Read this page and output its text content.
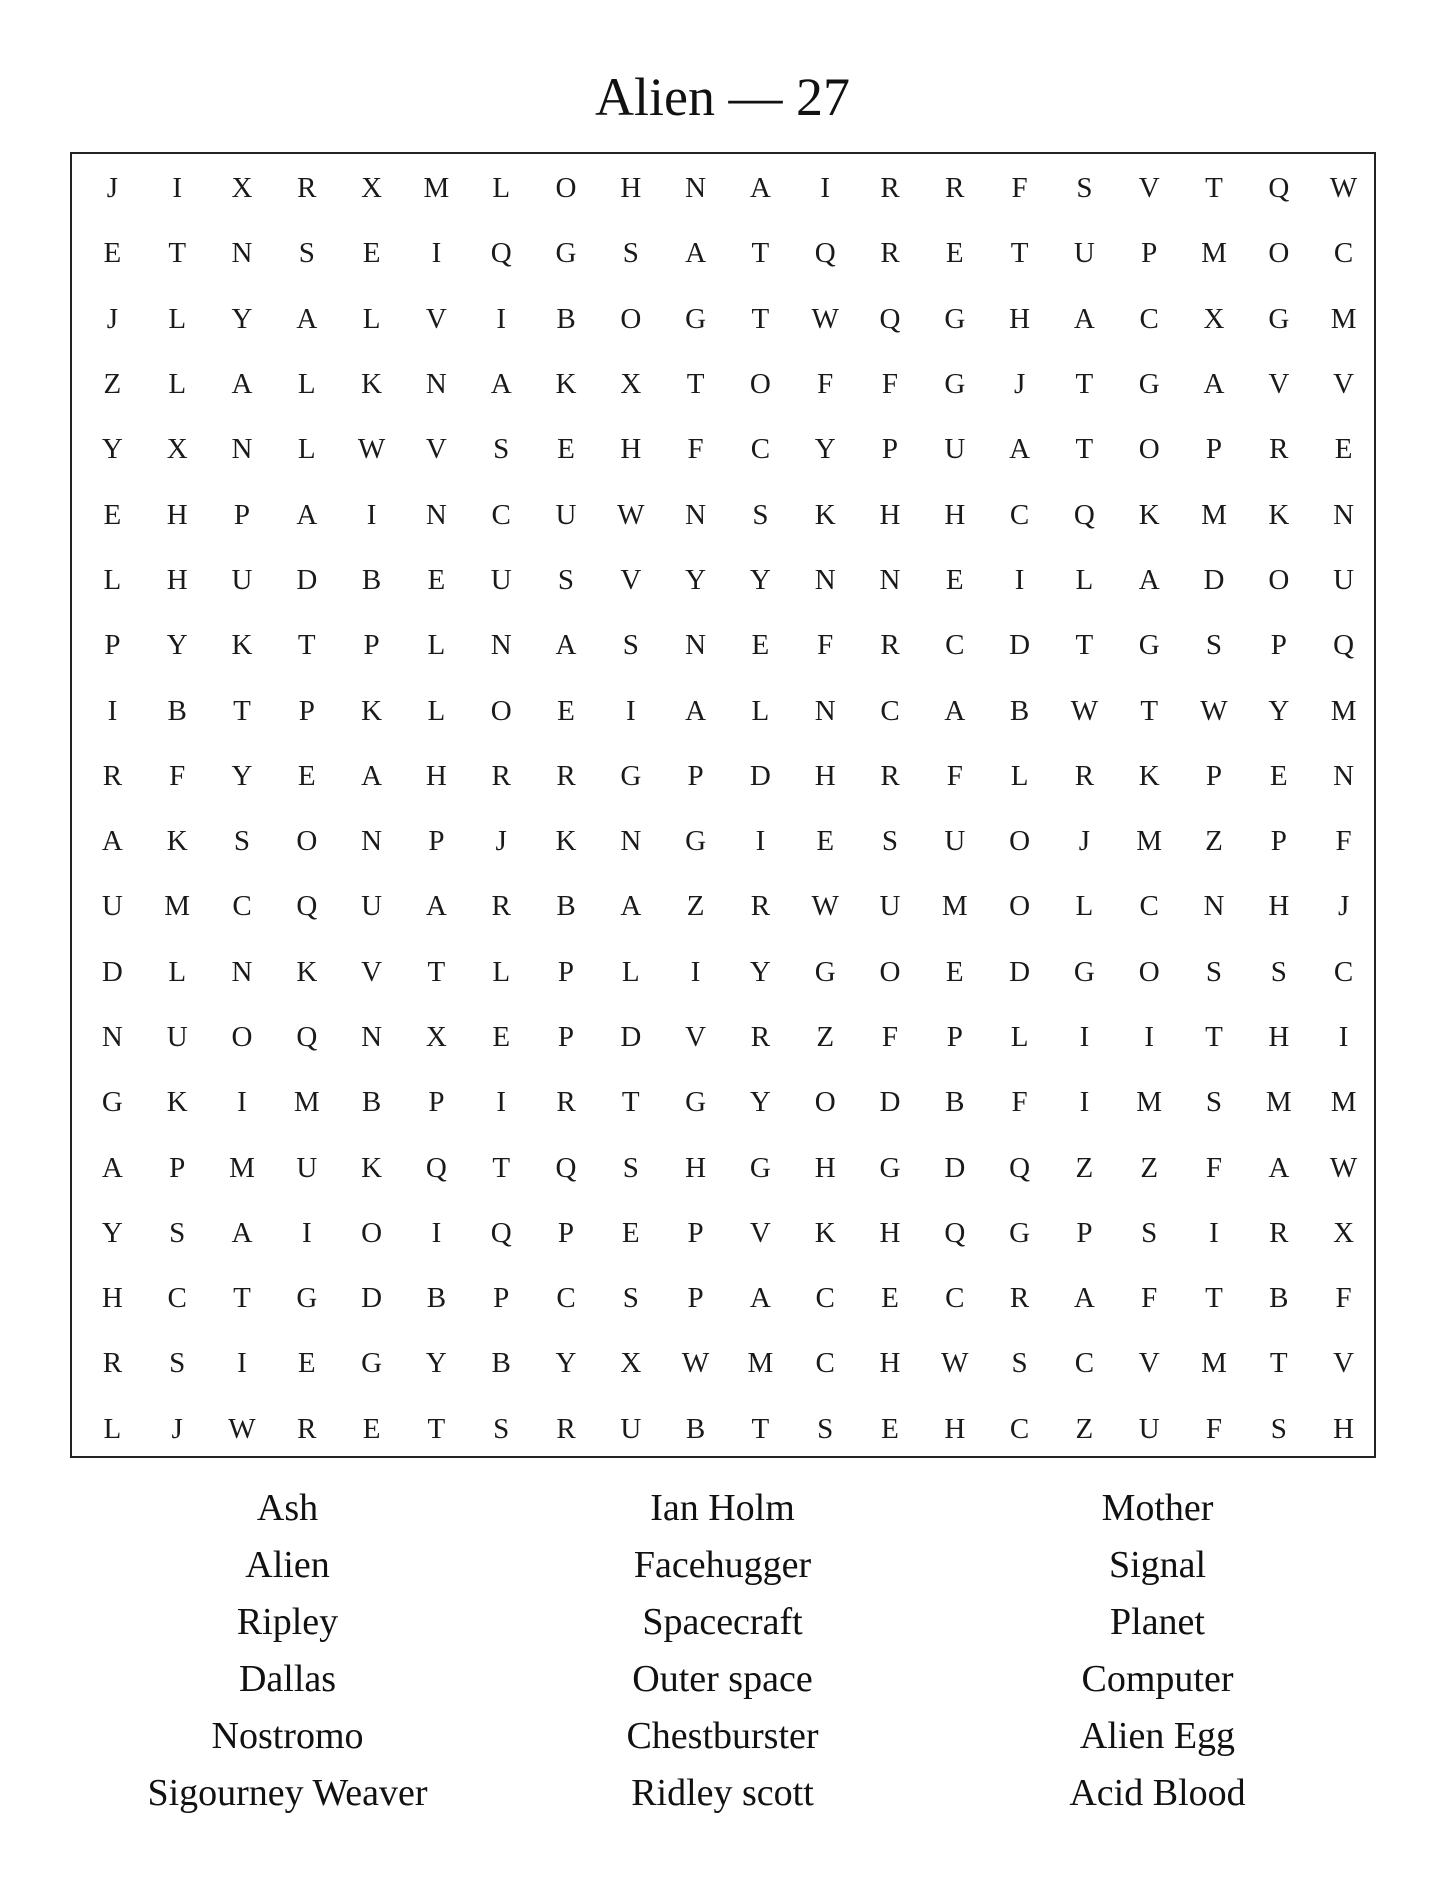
Alien — 27
J	I	X	R	X	M	L	O	H	N	A	I	R	R	F	S	V	T	Q	W
E	T	N	S	E	I	Q	G	S	A	T	Q	R	E	T	U	P	M	O	C
J	L	Y	A	L	V	I	B	O	G	T	W	Q	G	H	A	C	X	G	M
Z	L	A	L	K	N	A	K	X	T	O	F	F	G	J	T	G	A	V	V
Y	X	N	L	W	V	S	E	H	F	C	Y	P	U	A	T	O	P	R	E
E	H	P	A	I	N	C	U	W	N	S	K	H	H	C	Q	K	M	K	N
L	H	U	D	B	E	U	S	V	Y	Y	N	N	E	I	L	A	D	O	U
P	Y	K	T	P	L	N	A	S	N	E	F	R	C	D	T	G	S	P	Q
I	B	T	P	K	L	O	E	I	A	L	N	C	A	B	W	T	W	Y	M
R	F	Y	E	A	H	R	R	G	P	D	H	R	F	L	R	K	P	E	N
A	K	S	O	N	P	J	K	N	G	I	E	S	U	O	J	M	Z	P	F
U	M	C	Q	U	A	R	B	A	Z	R	W	U	M	O	L	C	N	H	J
D	L	N	K	V	T	L	P	L	I	Y	G	O	E	D	G	O	S	S	C
N	U	O	Q	N	X	E	P	D	V	R	Z	F	P	L	I	I	T	H	I
G	K	I	M	B	P	I	R	T	G	Y	O	D	B	F	I	M	S	M	M
A	P	M	U	K	Q	T	Q	S	H	G	H	G	D	Q	Z	Z	F	A	W
Y	S	A	I	O	I	Q	P	E	P	V	K	H	Q	G	P	S	I	R	X
H	C	T	G	D	B	P	C	S	P	A	C	E	C	R	A	F	T	B	F
R	S	I	E	G	Y	B	Y	X	W	M	C	H	W	S	C	V	M	T	V
L	J	W	R	E	T	S	R	U	B	T	S	E	H	C	Z	U	F	S	H
Ash
Alien
Ripley
Dallas
Nostromo
Sigourney Weaver
Ian Holm
Facehugger
Spacecraft
Outer space
Chestburster
Ridley scott
Mother
Signal
Planet
Computer
Alien Egg
Acid Blood
